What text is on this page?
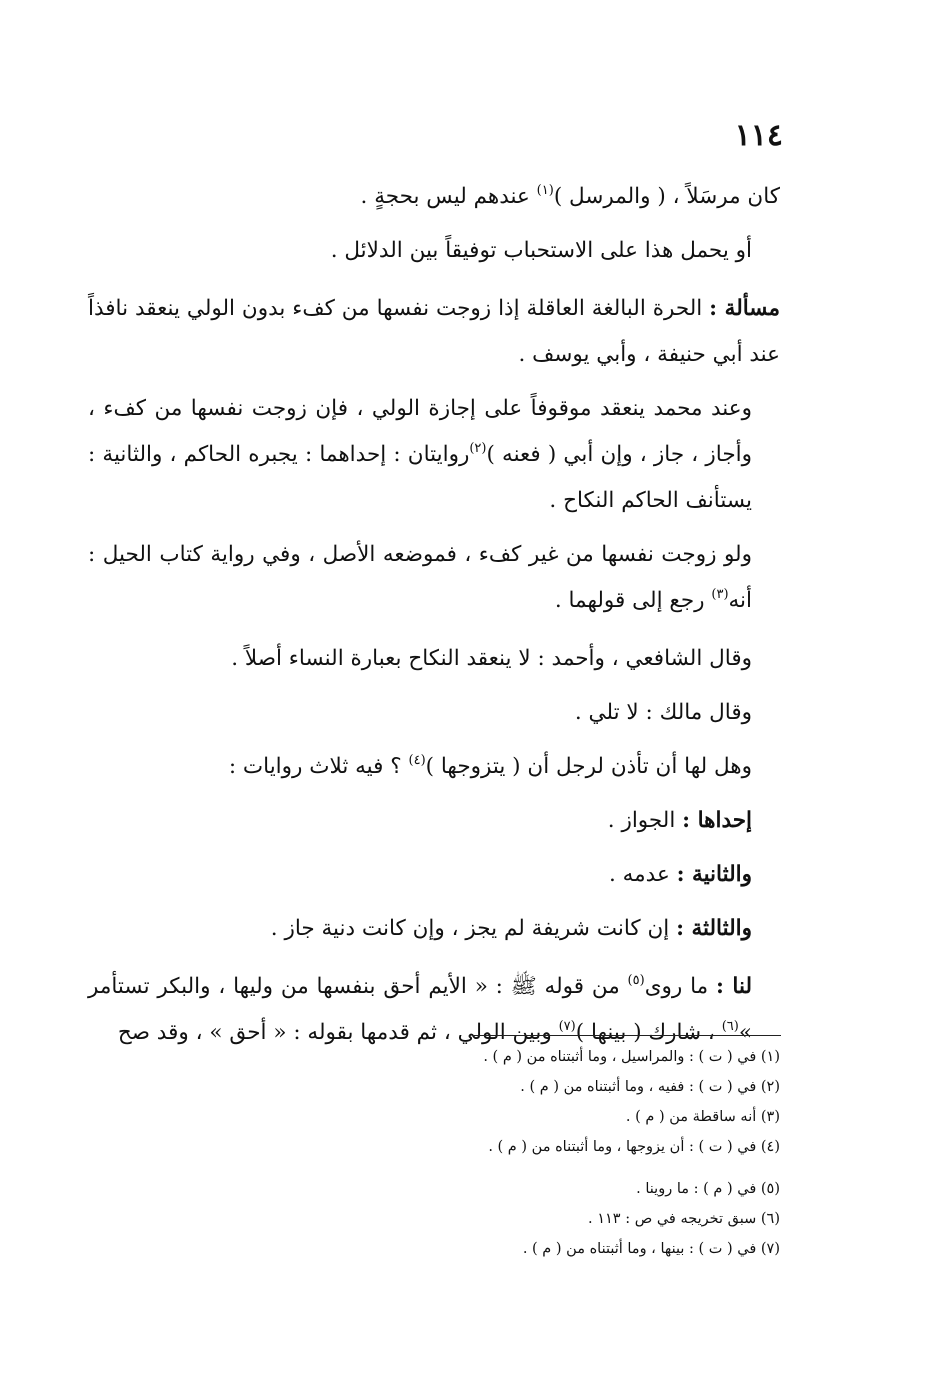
١١٤

كان مرسَلاً ، ( والمرسل )$^{(١)}$ عندهم ليس بحجةٍ .

أو يحمل هذا على الاستحباب توفيقاً بين الدلائل .

مسألة : الحرة البالغة العاقلة إذا زوجت نفسها من كفء بدون الولي ينعقد نافذاً عند أبي حنيفة ، وأبي يوسف .

وعند محمد ينعقد موقوفاً على إجازة الولي ، فإن زوجت نفسها من كفء ، وأجاز ، جاز ، وإن أبي ( فعنه )$^{(٢)}$روايتان : إحداهما : يجبره الحاكم ، والثانية : يستأنف الحاكم النكاح .

ولو زوجت نفسها من غير كفء ، فموضعه الأصل ، وفي رواية كتاب الحيل : أنه$^{(٣)}$ رجع إلى قولهما .

وقال الشافعي ، وأحمد : لا ينعقد النكاح بعبارة النساء أصلاً .

وقال مالك : لا تلي .

وهل لها أن تأذن لرجل أن ( يتزوجها )$^{(٤)}$ ؟ فيه ثلاث روايات :

إحداها : الجواز .

والثانية : عدمه .

والثالثة : إن كانت شريفة لم يجز ، وإن كانت دنية جاز .

لنا : ما روى$^{(٥)}$ من قوله ﷺ : « الأيم أحق بنفسها من وليها ، والبكر تستأمر »$^{(٦)}$ ، شارك ( بينها )$^{(٧)}$ وبين الولي ، ثم قدمها بقوله : « أحق » ، وقد صح

(١) في ( ت ) : والمراسيل ، وما أثبتناه من ( م ) .

(٢) في ( ت ) : ففيه ، وما أثبتناه من ( م ) .

(٣) أنه ساقطة من ( م ) .

(٤) في ( ت ) : أن يزوجها ، وما أثبتناه من ( م ) .

(٥) في ( م ) : ما روينا .

(٦) سبق تخريجه في ص : ١١٣ .

(٧) في ( ت ) : بينها ، وما أثبتناه من ( م ) .
